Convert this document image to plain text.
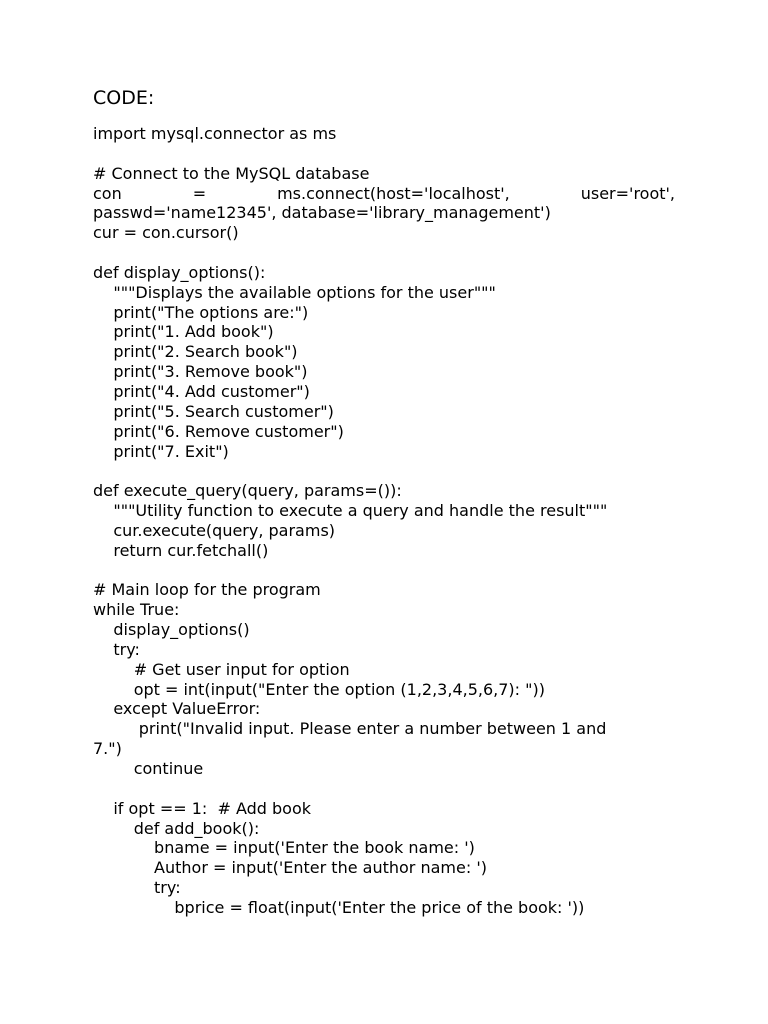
CODE:
import mysql.connector as ms
# Connect to the MySQL database
con	=	ms.connect(host='localhost',	user='root',
passwd='name12345', database='library_management')
cur = con.cursor()
def display_options():
"""Displays the available options for the user"""
print("The options are:")
print("1. Add book")
print("2. Search book")
print("3. Remove book")
print("4. Add customer")
print("5. Search customer")
print("6. Remove customer")
print("7. Exit")
def execute_query(query, params=()):
"""Utility function to execute a query and handle the result"""
cur.execute(query, params)
return cur.fetchall()
# Main loop for the program
while True:
display_options()
try:
# Get user input for option
opt = int(input("Enter the option (1,2,3,4,5,6,7): "))
except ValueError:
print("Invalid input. Please enter a number between 1 and
7.")
continue
if opt == 1:  # Add book
def add_book():
bname = input('Enter the book name: ')
Author = input('Enter the author name: ')
try:
bprice = float(input('Enter the price of the book: '))
